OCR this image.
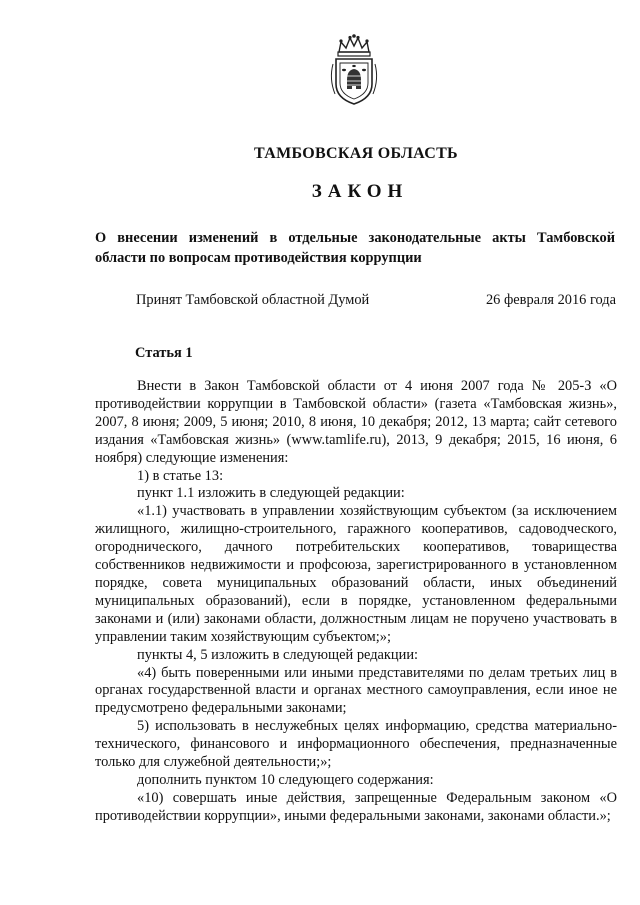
ТАМБОВСКАЯ ОБЛАСТЬ
ЗАКОН
О внесении изменений в отдельные законодательные акты Тамбовской области по вопросам противодействия коррупции
Принят Тамбовской областной Думой	26 февраля 2016 года
Статья 1

Внести в Закон Тамбовской области от 4 июня 2007 года № 205-З «О противодействии коррупции в Тамбовской области» (газета «Тамбовская жизнь», 2007, 8 июня; 2009, 5 июня; 2010, 8 июня, 10 декабря; 2012, 13 марта; сайт сетевого издания «Тамбовская жизнь» (www.tamlife.ru), 2013, 9 декабря; 2015, 16 июня, 6 ноября) следующие изменения:

1) в статье 13:

пункт 1.1 изложить в следующей редакции:

«1.1) участвовать в управлении хозяйствующим субъектом (за исключением жилищного, жилищно-строительного, гаражного кооперативов, садоводческого, огороднического, дачного потребительских кооперативов, товарищества собственников недвижимости и профсоюза, зарегистрированного в установленном порядке, совета муниципальных образований области, иных объединений муниципальных образований), если в порядке, установленном федеральными законами и (или) законами области, должностным лицам не поручено участвовать в управлении таким хозяйствующим субъектом;»;

пункты 4, 5 изложить в следующей редакции:

«4) быть поверенными или иными представителями по делам третьих лиц в органах государственной власти и органах местного самоуправления, если иное не предусмотрено федеральными законами;

5) использовать в неслужебных целях информацию, средства материально-технического, финансового и информационного обеспечения, предназначенные только для служебной деятельности;»;

дополнить пунктом 10 следующего содержания:

«10) совершать иные действия, запрещенные Федеральным законом «О противодействии коррупции», иными федеральными законами, законами области.»;
